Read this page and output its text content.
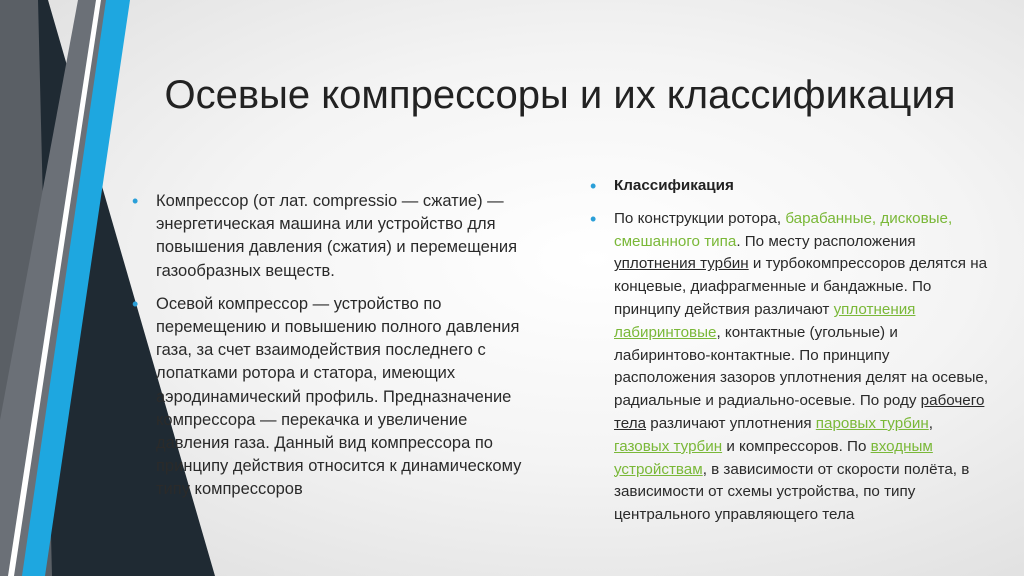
Осевые компрессоры и их классификация

• Компрессор (от лат. compressio — сжатие) — энергетическая машина или устройство для повышения давления (сжатия) и перемещения газообразных веществ.

• Осевой компрессор — устройство по перемещению и повышению полного давления газа, за счет взаимодействия последнего с лопатками ротора и статора, имеющих аэродинамический профиль. Предназначение компрессора — перекачка и увеличение давления газа. Данный вид компрессора по принципу действия относится к динамическому типу компрессоров

• Классификация

• По конструкции ротора, барабанные, дисковые, смешанного типа. По месту расположения уплотнения турбин и турбокомпрессоров делятся на концевые, диафрагменные и бандажные. По принципу действия различают уплотнения лабиринтовые, контактные (угольные) и лабиринтово-контактные. По принципу расположения зазоров уплотнения делят на осевые, радиальные и радиально-осевые. По роду рабочего тела различают уплотнения паровых турбин, газовых турбин и компрессоров. По входным устройствам, в зависимости от скорости полёта, в зависимости от схемы устройства, по типу центрального управляющего тела
